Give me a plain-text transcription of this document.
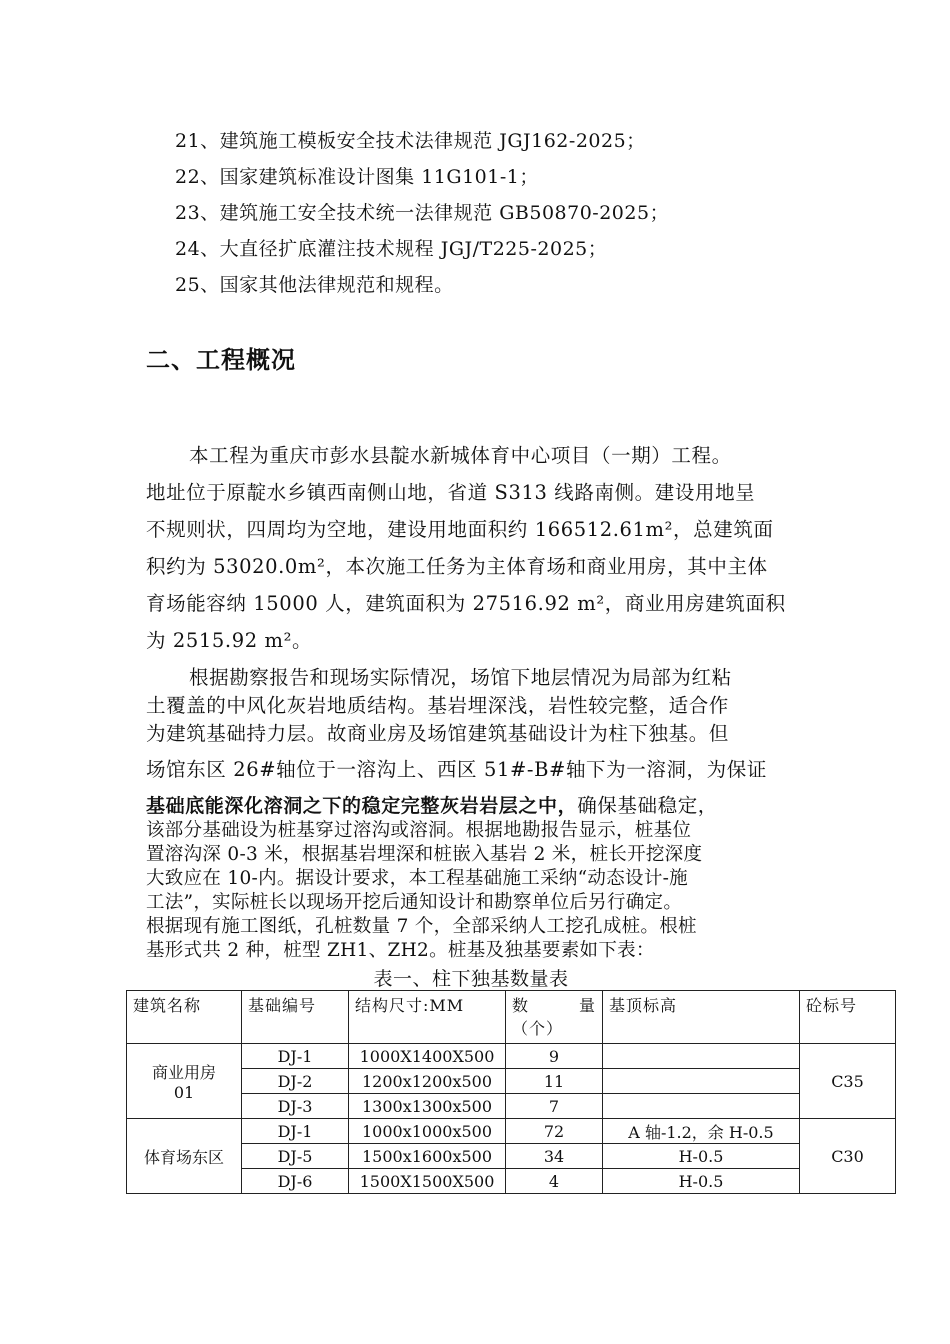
21、建筑施工模板安全技术法律规范 JGJ162-2025；
22、国家建筑标准设计图集 11G101-1；
23、建筑施工安全技术统一法律规范 GB50870-2025；
24、大直径扩底灌注技术规程 JGJ/T225-2025；
25、国家其他法律规范和规程。
二、工程概况
本工程为重庆市彭水县靛水新城体育中心项目（一期）工程。
地址位于原靛水乡镇西南侧山地，省道 S313 线路南侧。建设用地呈
不规则状，四周均为空地，建设用地面积约 166512.61m²，总建筑面
积约为 53020.0m²，本次施工任务为主体育场和商业用房，其中主体
育场能容纳 15000 人，建筑面积为 27516.92 m²，商业用房建筑面积
为 2515.92 m²。
根据勘察报告和现场实际情况，场馆下地层情况为局部为红粘
土覆盖的中风化灰岩地质结构。基岩埋深浅，岩性较完整，适合作
为建筑基础持力层。故商业房及场馆建筑基础设计为柱下独基。但
场馆东区 26#轴位于一溶沟上、西区 51#-B#轴下为一溶洞，为保证
基础底能深化溶洞之下的稳定完整灰岩岩层之中，确保基础稳定，
该部分基础设为桩基穿过溶沟或溶洞。根据地勘报告显示，桩基位
置溶沟深 0-3 米，根据基岩埋深和桩嵌入基岩 2 米，桩长开挖深度
大致应在 10-内。据设计要求，本工程基础施工采纳“动态设计-施
工法”，实际桩长以现场开挖后通知设计和勘察单位后另行确定。
根据现有施工图纸，孔桩数量 7 个，全部采纳人工挖孔成桩。根桩
基形式共 2 种，桩型 ZH1、ZH2。桩基及独基要素如下表：
表一、柱下独基数量表
建筑名称	基础编号	结构尺寸:MM	数 量
（个）	基顶标高	砼标号

商业用房
01	DJ-1	1000X1400X500	9		C35
	DJ-2	1200x1200x500	11		
	DJ-3	1300x1300x500	7		

体育场东区	DJ-1	1000x1000x500	72	A 轴-1.2，余 H-0.5	C30
	DJ-5	1500x1600x500	34	H-0.5	
	DJ-6	1500X1500X500	4	H-0.5	
